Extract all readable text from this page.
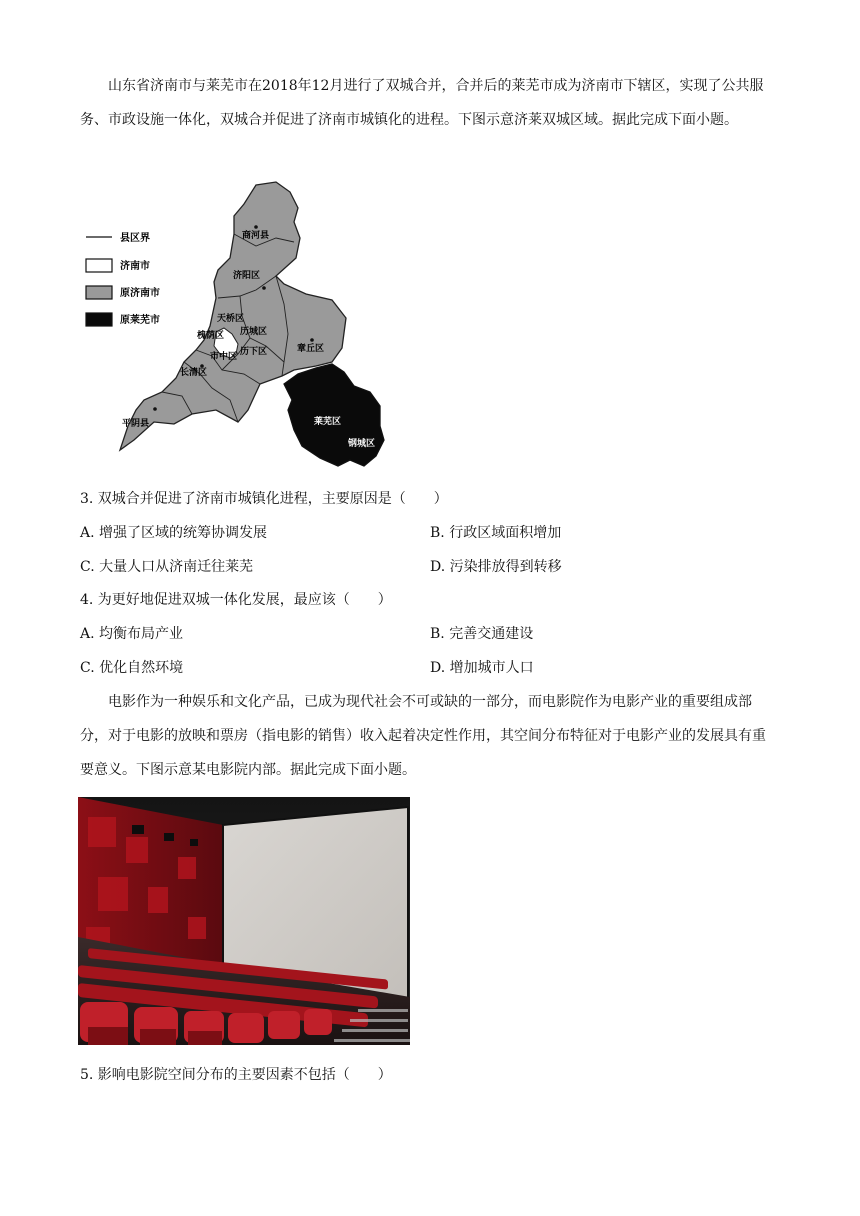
山东省济南市与莱芜市在2018年12月进行了双城合并，合并后的莱芜市成为济南市下辖区，实现了公共服务、市政设施一体化，双城合并促进了济南市城镇化的进程。下图示意济莱双城区域。据此完成下面小题。

县区界
济南市
原济南市
原莱芜市
商河县
济阳区
天桥区
槐荫区 历城区
历下区
市中区
长清区
章丘区
平阴县	莱芜区
钢城区
3. 双城合并促进了济南市城镇化进程，主要原因是（　　）
A. 增强了区域的统筹协调发展	B. 行政区域面积增加
C. 大量人口从济南迁往莱芜	D. 污染排放得到转移
4. 为更好地促进双城一体化发展，最应该（　　）
A. 均衡布局产业	B. 完善交通建设
C. 优化自然环境	D. 增加城市人口

电影作为一种娱乐和文化产品，已成为现代社会不可或缺的一部分，而电影院作为电影产业的重要组成部分，对于电影的放映和票房（指电影的销售）收入起着决定性作用，其空间分布特征对于电影产业的发展具有重要意义。下图示意某电影院内部。据此完成下面小题。

5. 影响电影院空间分布的主要因素不包括（　　）
